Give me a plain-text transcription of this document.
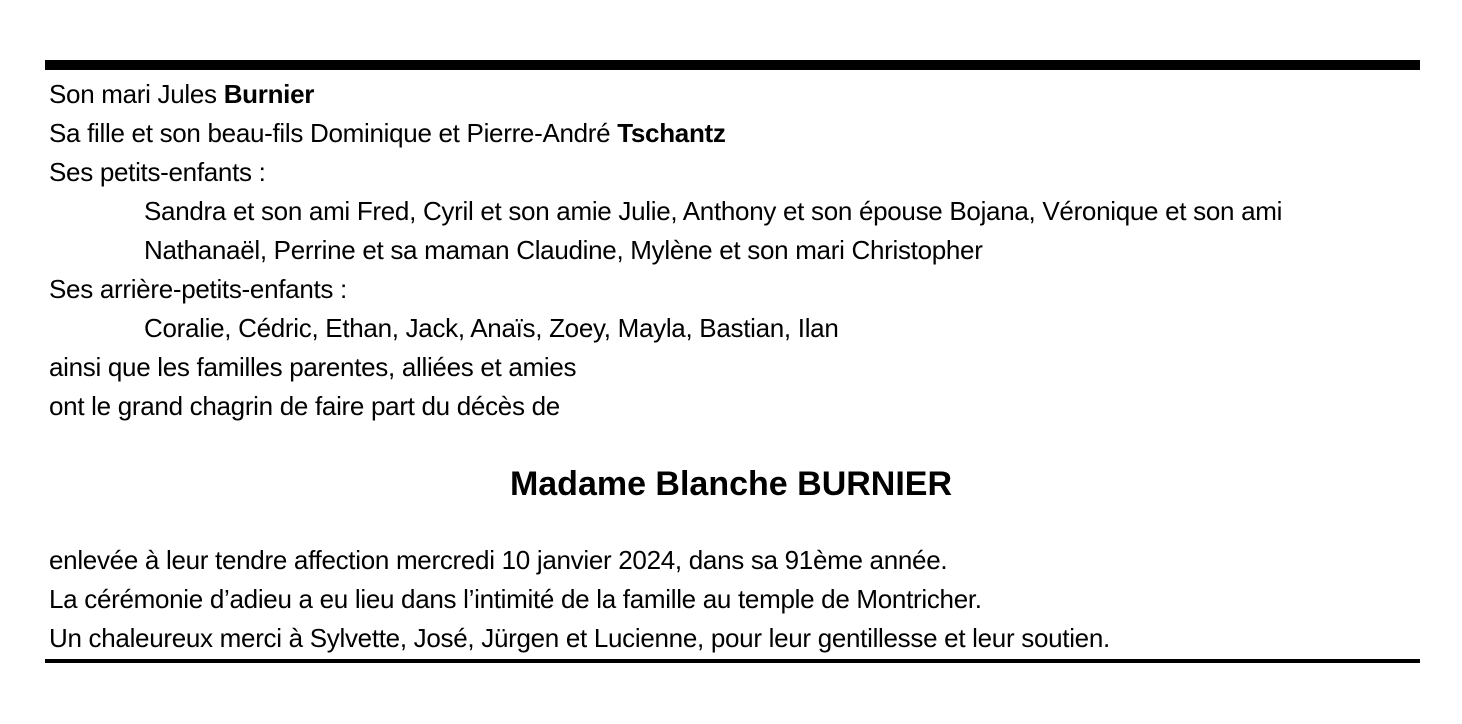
Son mari Jules Burnier
Sa fille et son beau-fils Dominique et Pierre-André Tschantz
Ses petits-enfants :
Sandra et son ami Fred, Cyril et son amie Julie, Anthony et son épouse Bojana, Véronique et son ami Nathanaël, Perrine et sa maman Claudine, Mylène et son mari Christopher
Ses arrière-petits-enfants :
Coralie, Cédric, Ethan, Jack, Anaïs, Zoey, Mayla, Bastian, Ilan
ainsi que les familles parentes, alliées et amies
ont le grand chagrin de faire part du décès de
Madame Blanche BURNIER
enlevée à leur tendre affection mercredi 10 janvier 2024, dans sa 91ème année.
La cérémonie d’adieu a eu lieu dans l’intimité de la famille au temple de Montricher.
Un chaleureux merci à Sylvette, José, Jürgen et Lucienne, pour leur gentillesse et leur soutien.
